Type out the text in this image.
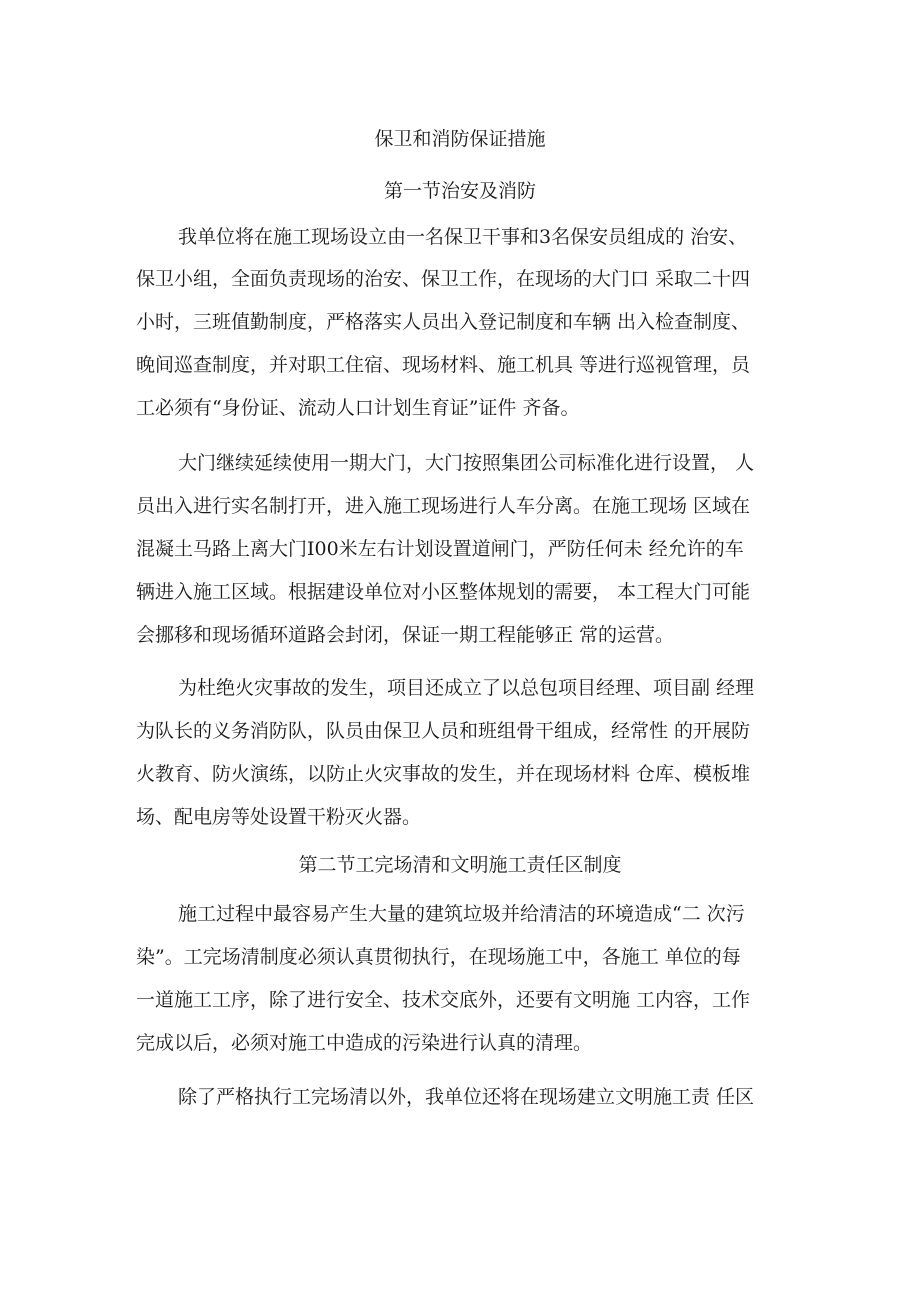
保卫和消防保证措施
第一节治安及消防
我单位将在施工现场设立由一名保卫干事和3名保安员组成的 治安、
保卫小组，全面负责现场的治安、保卫工作，在现场的大门口 采取二十四
小时，三班值勤制度，严格落实人员出入登记制度和车辆 出入检查制度、
晚间巡查制度，并对职工住宿、现场材料、施工机具 等进行巡视管理，员
工必须有“身份证、流动人口计划生育证”证件 齐备。
大门继续延续使用一期大门，大门按照集团公司标准化进行设置， 人
员出入进行实名制打开，进入施工现场进行人车分离。在施工现场 区域在
混凝土马路上离大门I00米左右计划设置道闸门，严防任何未 经允许的车
辆进入施工区域。根据建设单位对小区整体规划的需要， 本工程大门可能
会挪移和现场循环道路会封闭，保证一期工程能够正 常的运营。
为杜绝火灾事故的发生，项目还成立了以总包项目经理、项目副 经理
为队长的义务消防队，队员由保卫人员和班组骨干组成，经常性 的开展防
火教育、防火演练，以防止火灾事故的发生，并在现场材料 仓库、模板堆
场、配电房等处设置干粉灭火器。
第二节工完场清和文明施工责任区制度
施工过程中最容易产生大量的建筑垃圾并给清洁的环境造成“二 次污
染”。工完场清制度必须认真贯彻执行，在现场施工中，各施工 单位的每
一道施工工序，除了进行安全、技术交底外，还要有文明施 工内容，工作
完成以后，必须对施工中造成的污染进行认真的清理。
除了严格执行工完场清以外，我单位还将在现场建立文明施工责 任区
